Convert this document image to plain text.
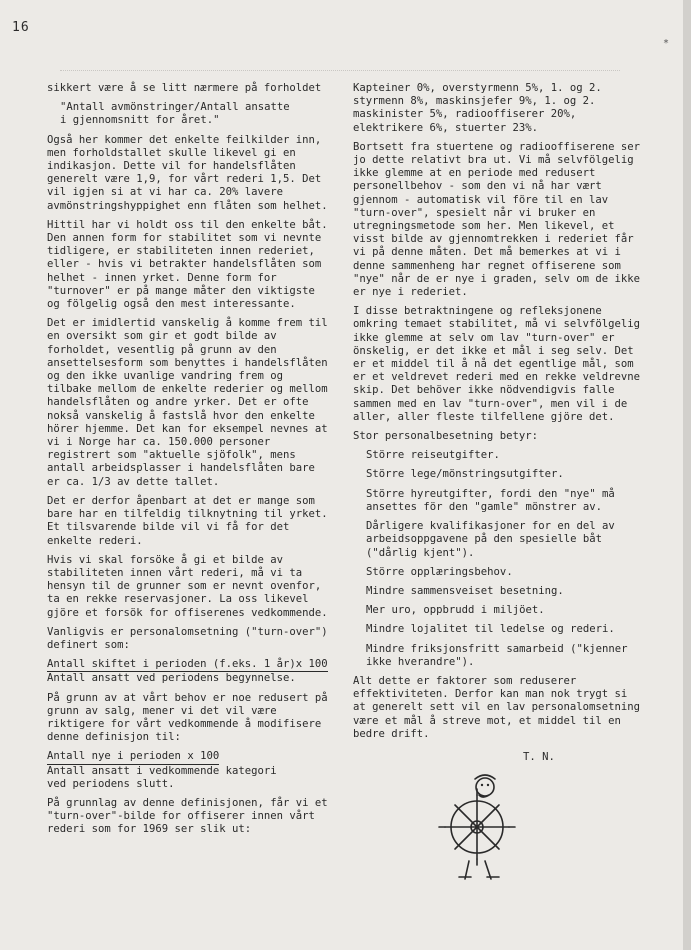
16
*

sikkert være å se litt nærmere på forholdet

"Antall avmönstringer/Antall ansatte
i gjennomsnitt for året."

Også her kommer det enkelte feilkilder inn, men forholdstallet skulle likevel gi en indikasjon. Dette vil for handelsflåten generelt være 1,9, for vårt rederi 1,5. Det vil igjen si at vi har ca. 20% lavere avmönstringshyppighet enn flåten som helhet.

Hittil har vi holdt oss til den enkelte båt. Den annen form for stabilitet som vi nevnte tidligere, er stabiliteten innen rederiet, eller - hvis vi betrakter handelsflåten som helhet - innen yrket. Denne form for "turnover" er på mange måter den viktigste og fölgelig også den mest interessante.

Det er imidlertid vanskelig å komme frem til en oversikt som gir et godt bilde av forholdet, vesentlig på grunn av den ansettelsesform som benyttes i handelsflåten og den ikke uvanlige vandring frem og tilbake mellom de enkelte rederier og mellom handelsflåten og andre yrker. Det er ofte nokså vanskelig å fastslå hvor den enkelte hörer hjemme. Det kan for eksempel nevnes at vi i Norge har ca. 150.000 personer registrert som "aktuelle sjöfolk", mens antall arbeidsplasser i handelsflåten bare er ca. 1/3 av dette tallet.

Det er derfor åpenbart at det er mange som bare har en tilfeldig tilknytning til yrket. Et tilsvarende bilde vil vi få for det enkelte rederi.

Hvis vi skal forsöke å gi et bilde av stabiliteten innen vårt rederi, må vi ta hensyn til de grunner som er nevnt ovenfor, ta en rekke reservasjoner. La oss likevel gjöre et forsök for offiserenes vedkommende.

Vanligvis er personalomsetning ("turn-over") definert som:

Antall skiftet i perioden (f.eks. 1 år)x 100
Antall ansatt ved periodens begynnelse.

På grunn av at vårt behov er noe redusert på grunn av salg, mener vi det vil være riktigere for vårt vedkommende å modifisere denne definisjon til:

Antall nye i perioden x 100
Antall ansatt i vedkommende kategori
ved periodens slutt.

På grunnlag av denne definisjonen, får vi et "turn-over"-bilde for offiserer innen vårt rederi som for 1969 ser slik ut:

Kapteiner 0%, overstyrmenn 5%, 1. og 2. styrmenn 8%, maskinsjefer 9%, 1. og 2. maskinister 5%, radiooffiserer 20%, elektrikere 6%, stuerter 23%.

Bortsett fra stuertene og radiooffiserene ser jo dette relativt bra ut. Vi må selvfölgelig ikke glemme at en periode med redusert personellbehov - som den vi nå har vært gjennom - automatisk vil före til en lav "turn-over", spesielt når vi bruker en utregningsmetode som her. Men likevel, et visst bilde av gjennomtrekken i rederiet får vi på denne måten. Det må bemerkes at vi i denne sammenheng har regnet offiserene som "nye" når de er nye i graden, selv om de ikke er nye i rederiet.

I disse betraktningene og refleksjonene omkring temaet stabilitet, må vi selvfölgelig ikke glemme at selv om lav "turn-over" er önskelig, er det ikke et mål i seg selv. Det er et middel til å nå det egentlige mål, som er et veldrevet rederi med en rekke veldrevne skip. Det behöver ikke nödvendigvis falle sammen med en lav "turn-over", men vil i de aller, aller fleste tilfellene gjöre det.

Stor personalbesetning betyr:

Större reiseutgifter.

Större lege/mönstringsutgifter.

Större hyreutgifter, fordi den "nye" må ansettes för den "gamle" mönstrer av.

Dårligere kvalifikasjoner for en del av arbeidsoppgavene på den spesielle båt ("dårlig kjent").

Större opplæringsbehov.

Mindre sammensveiset besetning.

Mer uro, oppbrudd i miljöet.

Mindre lojalitet til ledelse og rederi.

Mindre friksjonsfritt samarbeid ("kjenner ikke hverandre").

Alt dette er faktorer som reduserer effektiviteten. Derfor kan man nok trygt si at generelt sett vil en lav personalomsetning være et mål å streve mot, et middel til en bedre drift.

T. N.
